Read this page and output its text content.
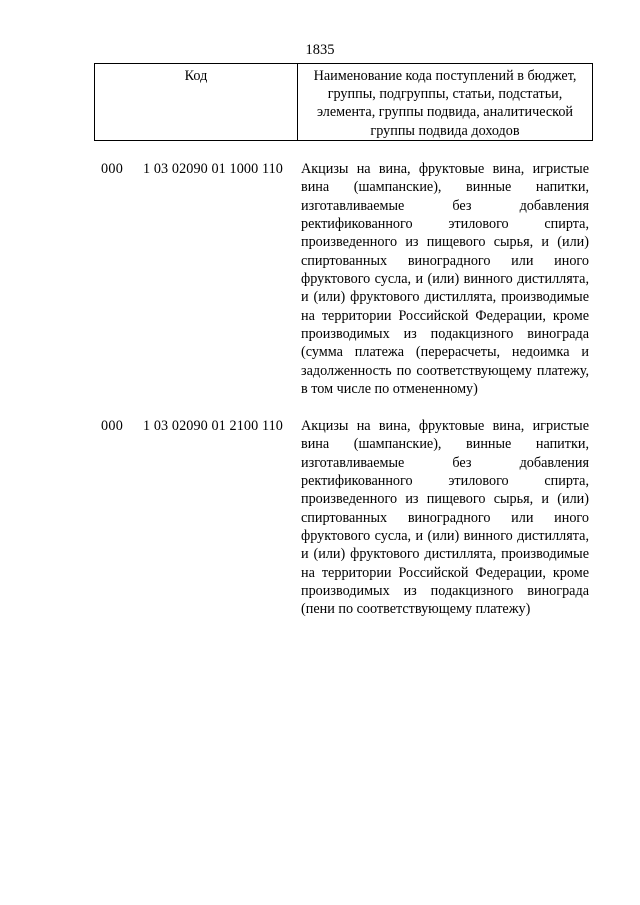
1835
Код	Наименование кода поступлений в бюджет, группы, подгруппы, статьи, подстатьи, элемента, группы подвида, аналитической группы подвида доходов
000 1 03 02090 01 1000 110 Акцизы на вина, фруктовые вина, игристые вина (шампанские), винные напитки, изготавливаемые без добавления ректификованного этилового спирта, произведенного из пищевого сырья, и (или) спиртованных виноградного или иного фруктового сусла, и (или) винного дистиллята, и (или) фруктового дистиллята, производимые на территории Российской Федерации, кроме производимых из подакцизного винограда (сумма платежа (перерасчеты, недоимка и задолженность по соответствующему платежу, в том числе по отмененному)
000 1 03 02090 01 2100 110 Акцизы на вина, фруктовые вина, игристые вина (шампанские), винные напитки, изготавливаемые без добавления ректификованного этилового спирта, произведенного из пищевого сырья, и (или) спиртованных виноградного или иного фруктового сусла, и (или) винного дистиллята, и (или) фруктового дистиллята, производимые на территории Российской Федерации, кроме производимых из подакцизного винограда (пени по соответствующему платежу)
